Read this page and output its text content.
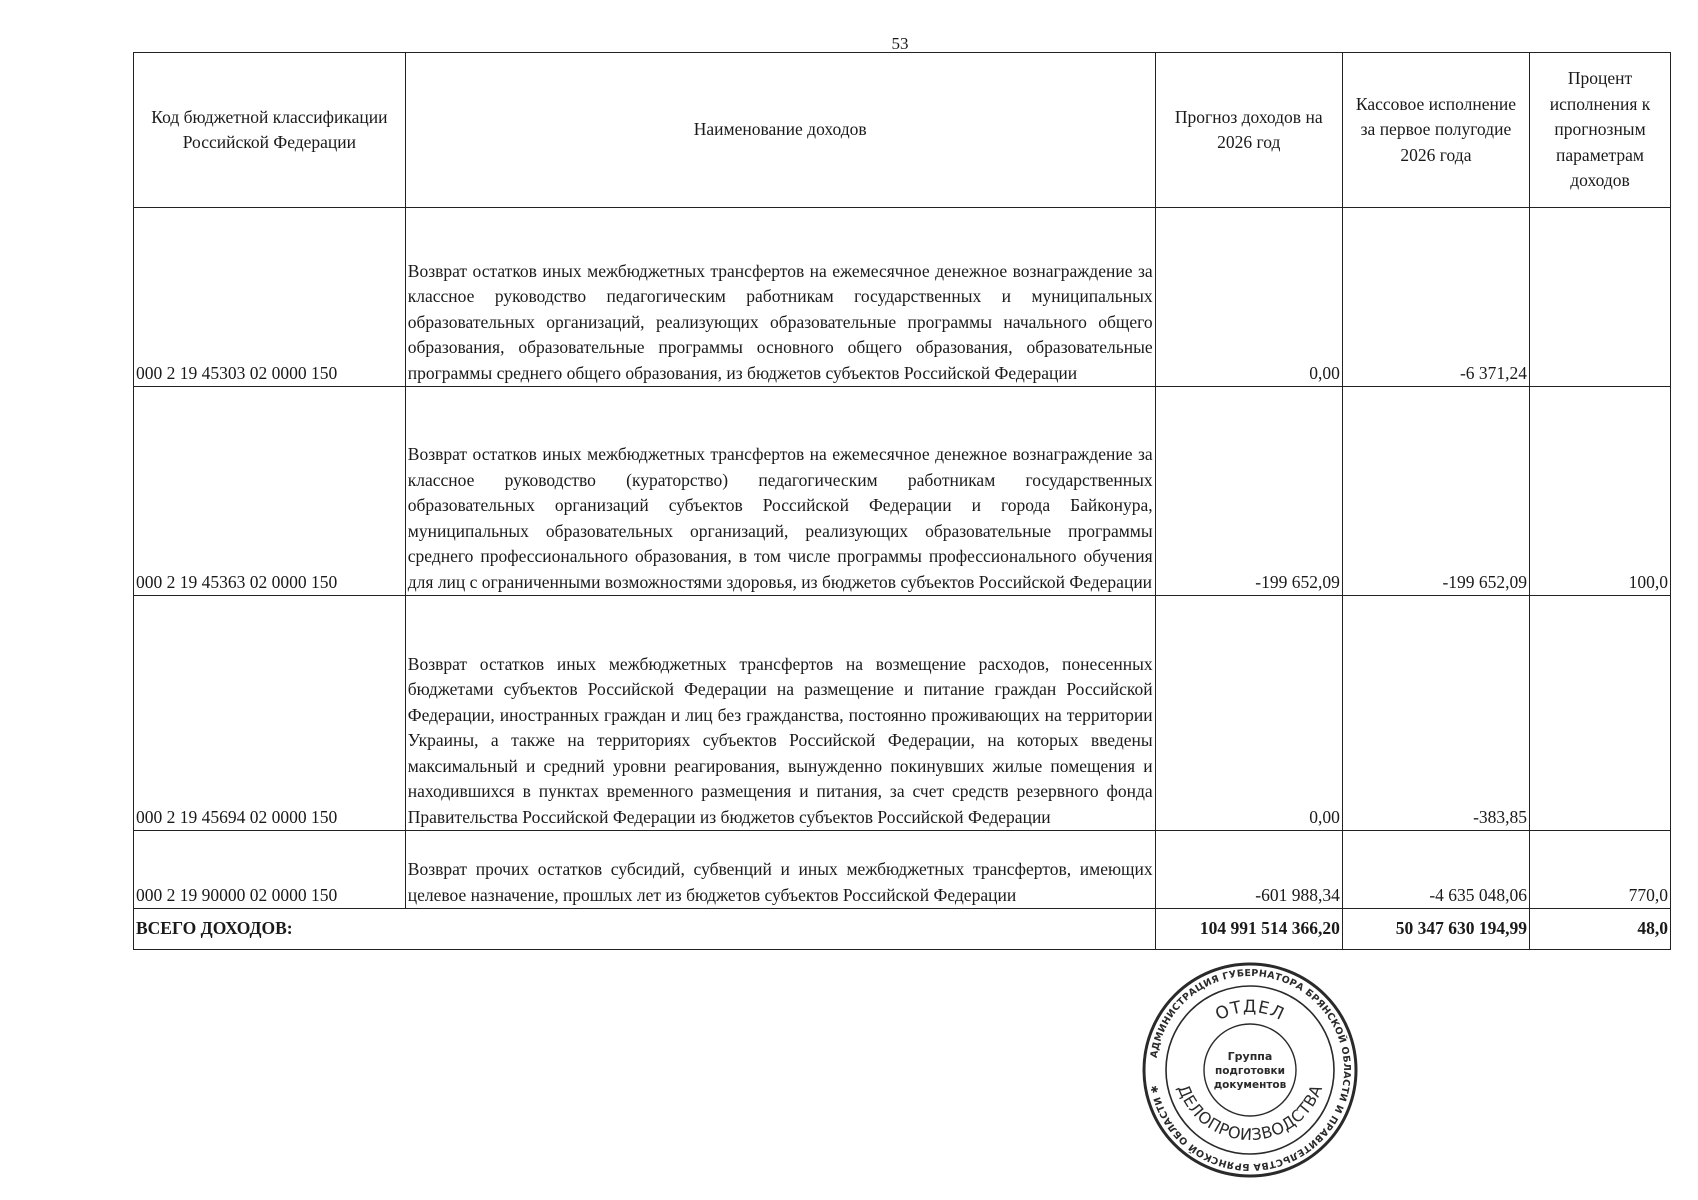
53
Код бюджетной классификации Российской Федерации	Наименование доходов	Прогноз доходов на 2026 год	Кассовое исполнение за первое полугодие 2026 года	Процент исполнения к прогнозным параметрам доходов
000 2 19 45303 02 0000 150	Возврат остатков иных межбюджетных трансфертов на ежемесячное денежное вознаграждение за классное руководство педагогическим работникам государственных и муниципальных образовательных организаций, реализующих образовательные программы начального общего образования, образовательные программы основного общего образования, образовательные программы среднего общего образования, из бюджетов субъектов Российской Федерации	0,00	-6 371,24	
000 2 19 45363 02 0000 150	Возврат остатков иных межбюджетных трансфертов на ежемесячное денежное вознаграждение за классное руководство (кураторство) педагогическим работникам государственных образовательных организаций субъектов Российской Федерации и города Байконура, муниципальных образовательных организаций, реализующих образовательные программы среднего профессионального образования, в том числе программы профессионального обучения для лиц с ограниченными возможностями здоровья, из бюджетов субъектов Российской Федерации	-199 652,09	-199 652,09	100,0
000 2 19 45694 02 0000 150	Возврат остатков иных межбюджетных трансфертов на возмещение расходов, понесенных бюджетами субъектов Российской Федерации на размещение и питание граждан Российской Федерации, иностранных граждан и лиц без гражданства, постоянно проживающих на территории Украины, а также на территориях субъектов Российской Федерации, на которых введены максимальный и средний уровни реагирования, вынужденно покинувших жилые помещения и находившихся в пунктах временного размещения и питания, за счет средств резервного фонда Правительства Российской Федерации из бюджетов субъектов Российской Федерации	0,00	-383,85	
000 2 19 90000 02 0000 150	Возврат прочих остатков субсидий, субвенций и иных межбюджетных трансфертов, имеющих целевое назначение, прошлых лет из бюджетов субъектов Российской Федерации	-601 988,34	-4 635 048,06	770,0
ВСЕГО ДОХОДОВ:		104 991 514 366,20	50 347 630 194,99	48,0
АДМИНИСТРАЦИЯ ГУБЕРНАТОРА БРЯНСКОЙ ОБЛАСТИ И ПРАВИТЕЛЬСТВА БРЯНСКОЙ ОБЛАСТИ ✱
ОТДЕЛ
ДЕЛОПРОИЗВОДСТВА
Группа
подготовки
документов
